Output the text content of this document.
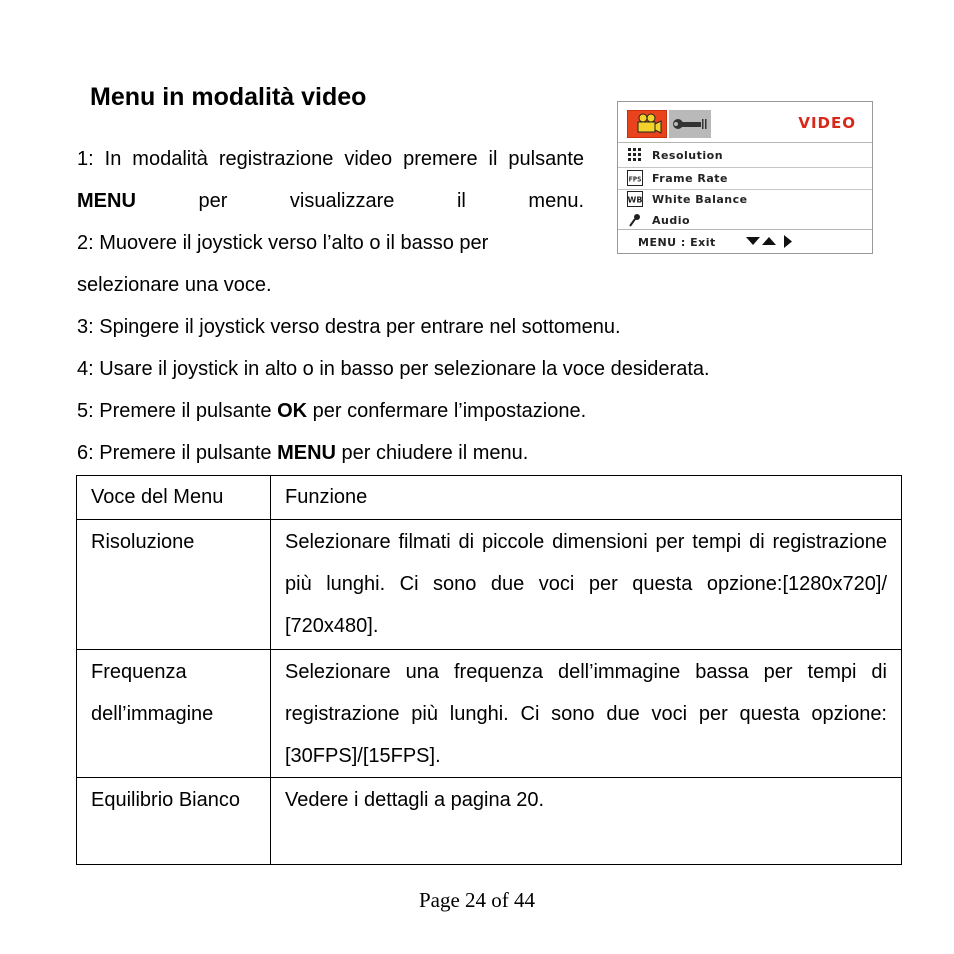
Menu in modalità video
1: In modalità registrazione video premere il pulsante MENU per visualizzare il menu.
2: Muovere il joystick verso l’alto o il basso per selezionare una voce.
3: Spingere il joystick verso destra per entrare nel sottomenu.
4: Usare il joystick in alto o in basso per selezionare la voce desiderata.
5: Premere il pulsante OK per confermare l’impostazione.
6: Premere il pulsante MENU per chiudere il menu.
VIDEO
Resolution
FPS Frame Rate
WB White Balance
Audio
MENU : Exit
Voce del Menu	Funzione
Risoluzione	Selezionare filmati di piccole dimensioni per tempi di registrazione più lunghi. Ci sono due voci per questa opzione:[1280x720]/ [720x480].
Frequenza dell’immagine	Selezionare una frequenza dell’immagine bassa per tempi di registrazione più lunghi. Ci sono due voci per questa opzione: [30FPS]/[15FPS].
Equilibrio Bianco	Vedere i dettagli a pagina 20.
Page 24 of 44
